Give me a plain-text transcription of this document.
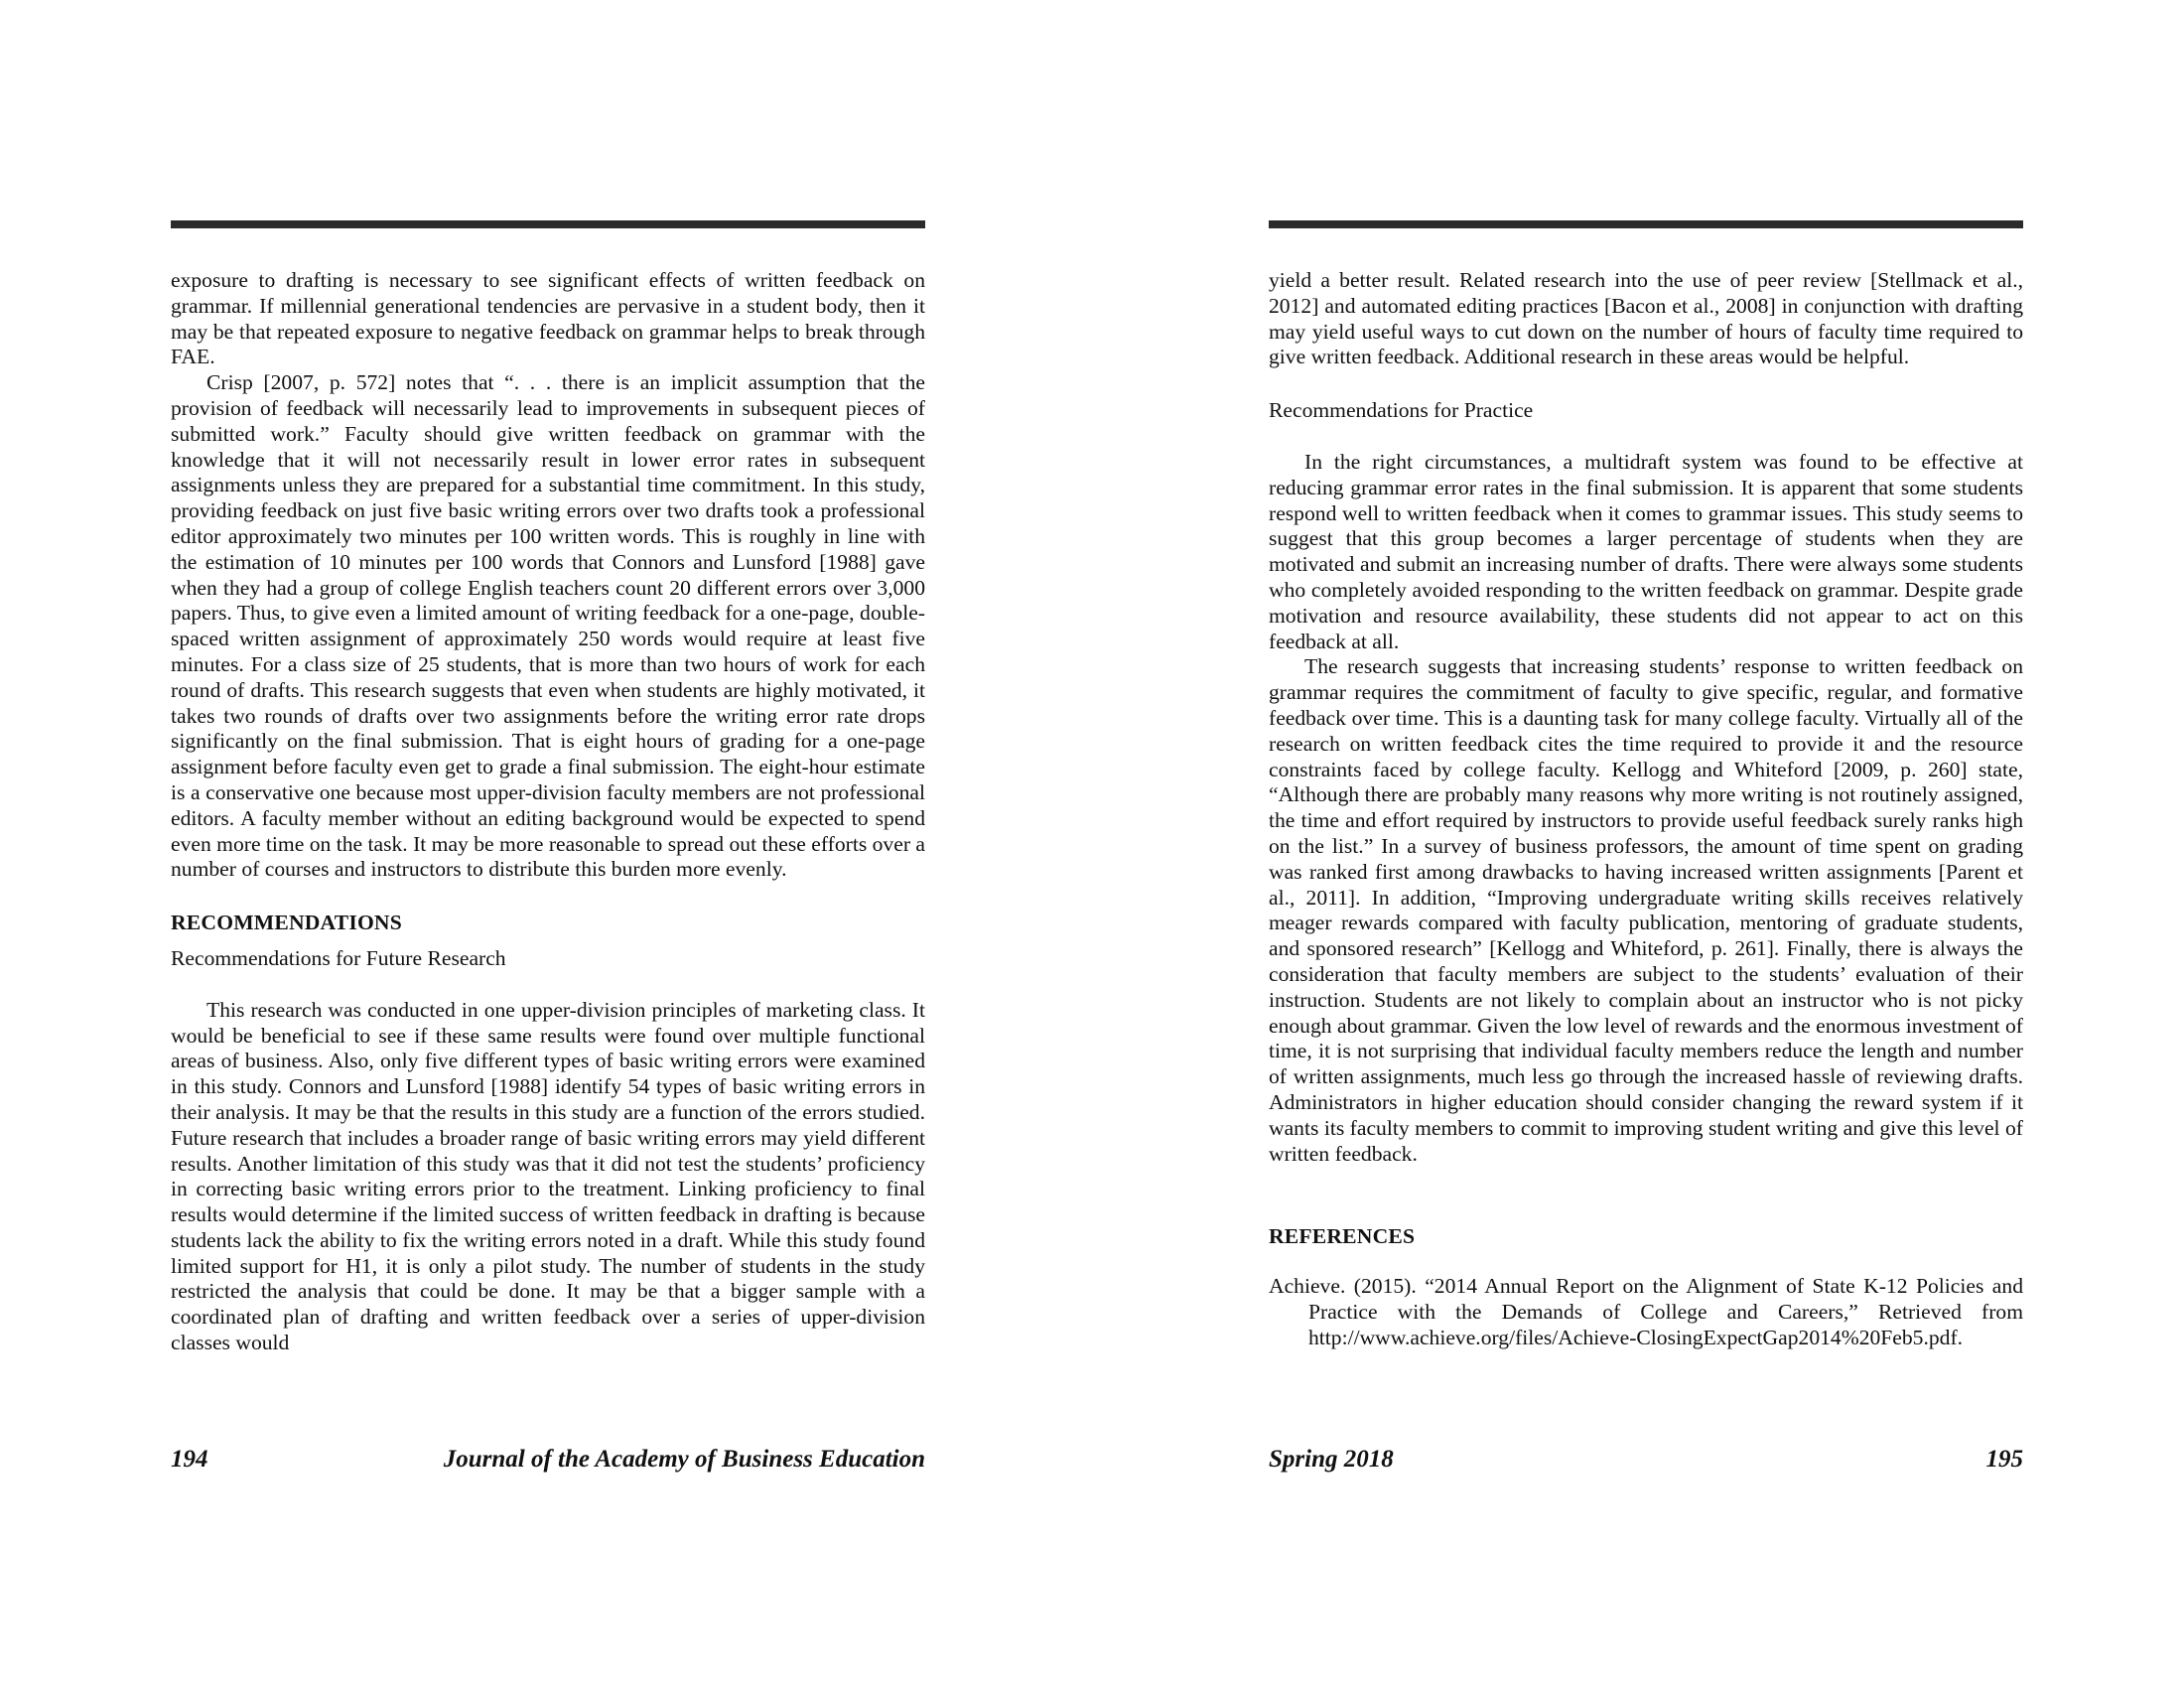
exposure to drafting is necessary to see significant effects of written feedback on grammar. If millennial generational tendencies are pervasive in a student body, then it may be that repeated exposure to negative feedback on grammar helps to break through FAE.

Crisp [2007, p. 572] notes that “. . . there is an implicit assumption that the provision of feedback will necessarily lead to improvements in subsequent pieces of submitted work.” Faculty should give written feedback on grammar with the knowledge that it will not necessarily result in lower error rates in subsequent assignments unless they are prepared for a substantial time commitment. In this study, providing feedback on just five basic writing errors over two drafts took a professional editor approximately two minutes per 100 written words. This is roughly in line with the estimation of 10 minutes per 100 words that Connors and Lunsford [1988] gave when they had a group of college English teachers count 20 different errors over 3,000 papers. Thus, to give even a limited amount of writing feedback for a one-page, double-spaced written assignment of approximately 250 words would require at least five minutes. For a class size of 25 students, that is more than two hours of work for each round of drafts. This research suggests that even when students are highly motivated, it takes two rounds of drafts over two assignments before the writing error rate drops significantly on the final submission. That is eight hours of grading for a one-page assignment before faculty even get to grade a final submission. The eight-hour estimate is a conservative one because most upper-division faculty members are not professional editors. A faculty member without an editing background would be expected to spend even more time on the task. It may be more reasonable to spread out these efforts over a number of courses and instructors to distribute this burden more evenly.

RECOMMENDATIONS
Recommendations for Future Research

This research was conducted in one upper-division principles of marketing class. It would be beneficial to see if these same results were found over multiple functional areas of business. Also, only five different types of basic writing errors were examined in this study. Connors and Lunsford [1988] identify 54 types of basic writing errors in their analysis. It may be that the results in this study are a function of the errors studied. Future research that includes a broader range of basic writing errors may yield different results. Another limitation of this study was that it did not test the students’ proficiency in correcting basic writing errors prior to the treatment. Linking proficiency to final results would determine if the limited success of written feedback in drafting is because students lack the ability to fix the writing errors noted in a draft. While this study found limited support for H1, it is only a pilot study. The number of students in the study restricted the analysis that could be done. It may be that a bigger sample with a coordinated plan of drafting and written feedback over a series of upper-division classes would

194	Journal of the Academy of Business Education

yield a better result. Related research into the use of peer review [Stellmack et al., 2012] and automated editing practices [Bacon et al., 2008] in conjunction with drafting may yield useful ways to cut down on the number of hours of faculty time required to give written feedback. Additional research in these areas would be helpful.

Recommendations for Practice

In the right circumstances, a multidraft system was found to be effective at reducing grammar error rates in the final submission. It is apparent that some students respond well to written feedback when it comes to grammar issues. This study seems to suggest that this group becomes a larger percentage of students when they are motivated and submit an increasing number of drafts. There were always some students who completely avoided responding to the written feedback on grammar. Despite grade motivation and resource availability, these students did not appear to act on this feedback at all.

The research suggests that increasing students’ response to written feedback on grammar requires the commitment of faculty to give specific, regular, and formative feedback over time. This is a daunting task for many college faculty. Virtually all of the research on written feedback cites the time required to provide it and the resource constraints faced by college faculty. Kellogg and Whiteford [2009, p. 260] state, “Although there are probably many reasons why more writing is not routinely assigned, the time and effort required by instructors to provide useful feedback surely ranks high on the list.” In a survey of business professors, the amount of time spent on grading was ranked first among drawbacks to having increased written assignments [Parent et al., 2011]. In addition, “Improving undergraduate writing skills receives relatively meager rewards compared with faculty publication, mentoring of graduate students, and sponsored research” [Kellogg and Whiteford, p. 261]. Finally, there is always the consideration that faculty members are subject to the students’ evaluation of their instruction. Students are not likely to complain about an instructor who is not picky enough about grammar. Given the low level of rewards and the enormous investment of time, it is not surprising that individual faculty members reduce the length and number of written assignments, much less go through the increased hassle of reviewing drafts. Administrators in higher education should consider changing the reward system if it wants its faculty members to commit to improving student writing and give this level of written feedback.

REFERENCES

Achieve. (2015). “2014 Annual Report on the Alignment of State K-12 Policies and Practice with the Demands of College and Careers,” Retrieved from http://www.achieve.org/files/Achieve-ClosingExpectGap2014%20Feb5.pdf.

Spring 2018	195
